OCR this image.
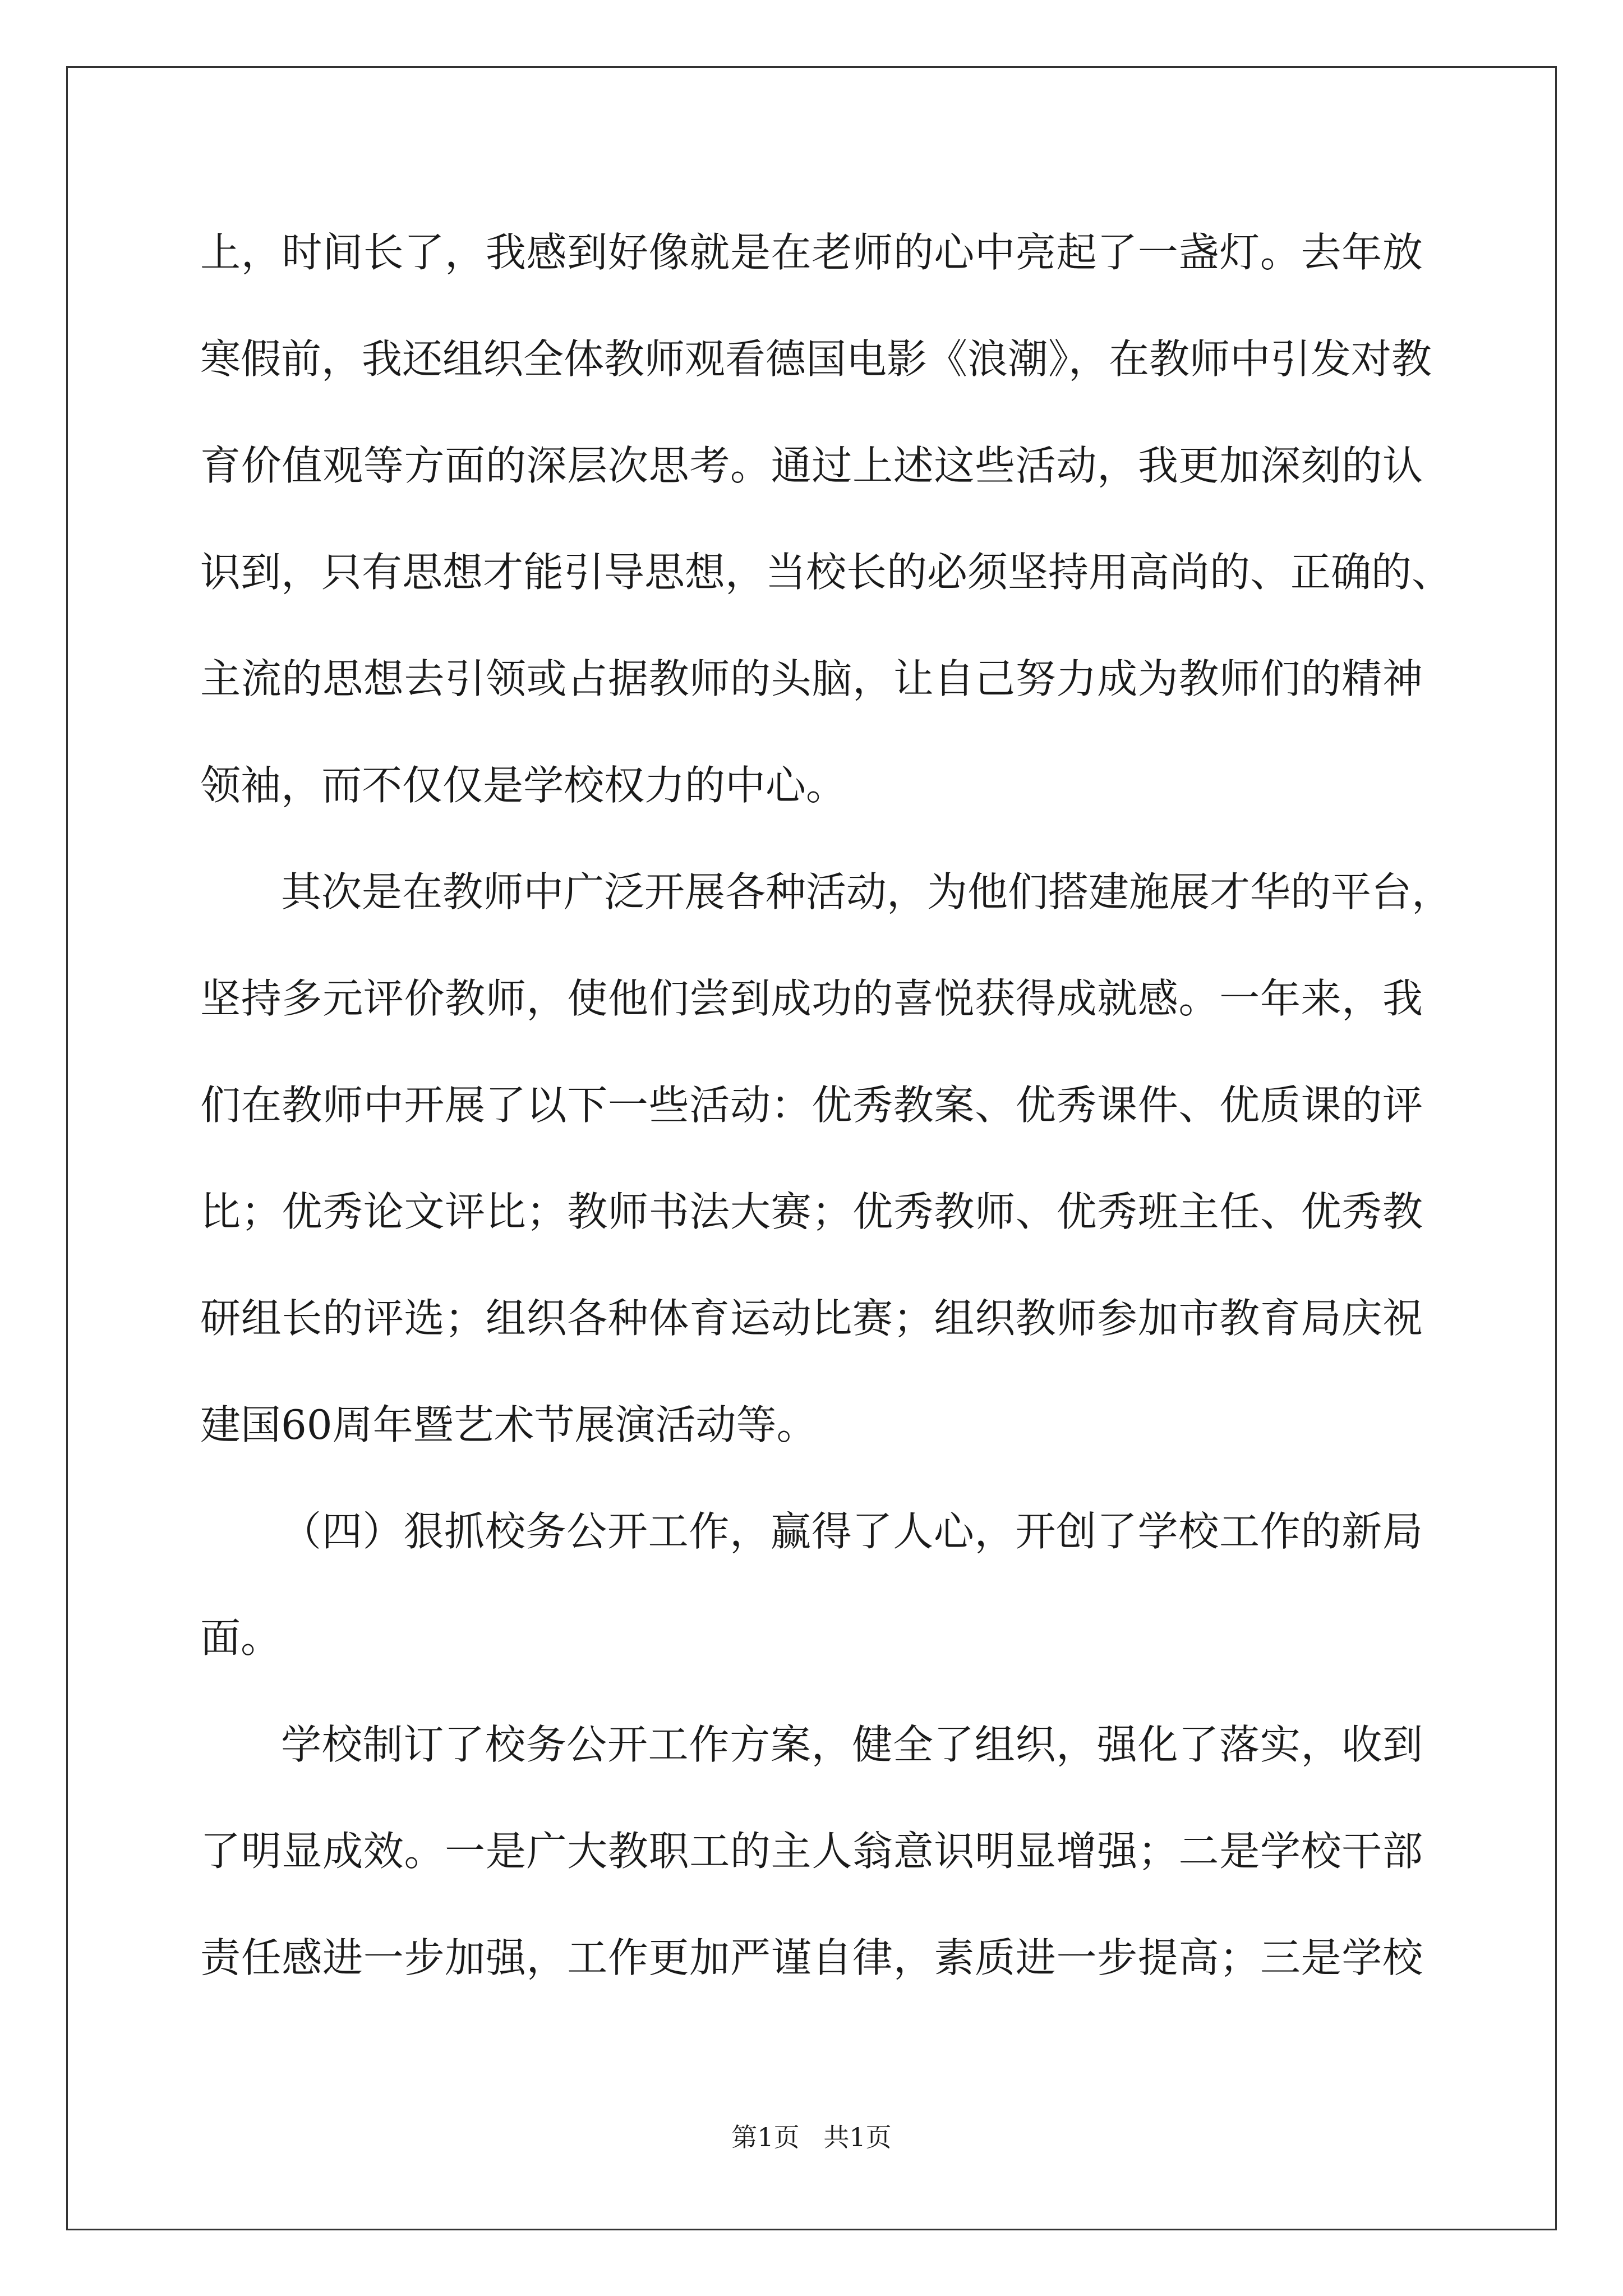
上，时间长了，我感到好像就是在老师的心中亮起了一盏灯。去年放
寒假前，我还组织全体教师观看德国电影《浪潮》，在教师中引发对教
育价值观等方面的深层次思考。通过上述这些活动，我更加深刻的认
识到，只有思想才能引导思想，当校长的必须坚持用高尚的、正确的、
主流的思想去引领或占据教师的头脑，让自己努力成为教师们的精神
领袖，而不仅仅是学校权力的中心。
其次是在教师中广泛开展各种活动，为他们搭建施展才华的平台，
坚持多元评价教师，使他们尝到成功的喜悦获得成就感。一年来，我
们在教师中开展了以下一些活动：优秀教案、优秀课件、优质课的评
比；优秀论文评比；教师书法大赛；优秀教师、优秀班主任、优秀教
研组长的评选；组织各种体育运动比赛；组织教师参加市教育局庆祝
建国60周年暨艺术节展演活动等。
（四）狠抓校务公开工作，赢得了人心，开创了学校工作的新局
面。
学校制订了校务公开工作方案，健全了组织，强化了落实，收到
了明显成效。一是广大教职工的主人翁意识明显增强；二是学校干部
责任感进一步加强，工作更加严谨自律，素质进一步提高；三是学校
第1页 共1页
